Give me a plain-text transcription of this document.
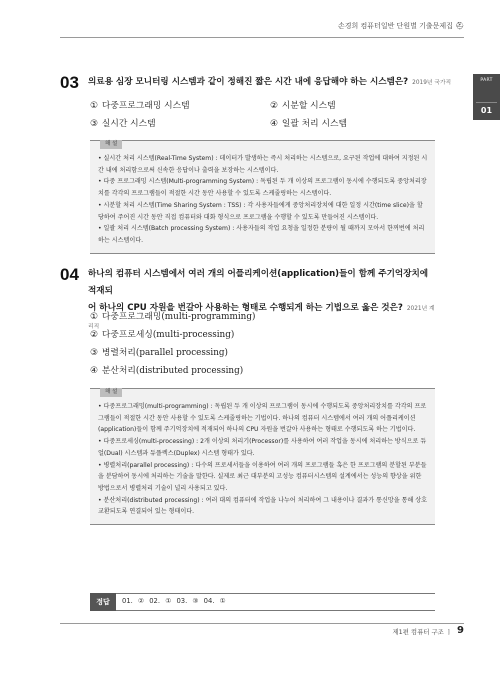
손경희 컴퓨터일반 단원별 기출문제집 ⛑
PART
01
03 의료용 심장 모니터링 시스템과 같이 정해진 짧은 시간 내에 응답해야 하는 시스템은? 2019년 국가직
① 다중프로그래밍 시스템	② 시분할 시스템
③ 실시간 시스템	④ 일괄 처리 시스템
해 설
• 실시간 처리 시스템(Real-Time System) : 데이터가 발생하는 즉시 처리하는 시스템으로, 요구된 작업에 대하여 지정된 시간 내에 처리함으로써 신속한 응답이나 출력을 보장하는 시스템이다.
• 다중 프로그래밍 시스템(Multi-programming System) : 독립된 두 개 이상의 프로그램이 동시에 수행되도록 중앙처리장치를 각각의 프로그램들이 적절한 시간 동안 사용할 수 있도록 스케줄링하는 시스템이다.
• 시분할 처리 시스템(Time Sharing System : TSS) : 각 사용자들에게 중앙처리장치에 대한 일정 시간(time slice)을 할당하여 주어진 시간 동안 직접 컴퓨터와 대화 형식으로 프로그램을 수행할 수 있도록 만들어진 시스템이다.
• 일괄 처리 시스템(Batch processing System) : 사용자들의 작업 요청을 일정한 분량이 될 때까지 모아서 한꺼번에 처리하는 시스템이다.
04 하나의 컴퓨터 시스템에서 여러 개의 어플리케이션(application)들이 함께 주기억장치에 적재되
어 하나의 CPU 자원을 번갈아 사용하는 형태로 수행되게 하는 기법으로 옳은 것은? 2021년 계리직
① 다중프로그래밍(multi-programming)
② 다중프로세싱(multi-processing)
③ 병렬처리(parallel processing)
④ 분산처리(distributed processing)
해 설
• 다중프로그래밍(multi-programming) : 독립된 두 개 이상의 프로그램이 동시에 수행되도록 중앙처리장치를 각각의 프로그램들이 적절한 시간 동안 사용할 수 있도록 스케줄링하는 기법이다. 하나의 컴퓨터 시스템에서 여러 개의 어플리케이션(application)들이 함께 주기억장치에 적재되어 하나의 CPU 자원을 번갈아 사용하는 형태로 수행되도록 하는 기법이다.
• 다중프로세싱(multi-processing) : 2개 이상의 처리기(Processor)를 사용하여 여러 작업을 동시에 처리하는 방식으로 듀얼(Dual) 시스템과 듀플렉스(Duplex) 시스템 형태가 있다.
• 병렬처리(parallel processing) : 다수의 프로세서들을 이용하여 여러 개의 프로그램들 혹은 한 프로그램의 분할된 부분들을 분담하여 동시에 처리하는 기술을 말한다. 실제로 최근 대부분의 고성능 컴퓨터시스템의 설계에서는 성능의 향상을 위한 방법으로서 병렬처리 기술이 널리 사용되고 있다.
• 분산처리(distributed processing) : 여러 대의 컴퓨터에 작업을 나누어 처리하여 그 내용이나 결과가 통신망을 통해 상호교환되도록 연결되어 있는 형태이다.
정답	01. ② 02. ① 03. ③ 04. ①
제1편 컴퓨터 구조 ㅣ 9
